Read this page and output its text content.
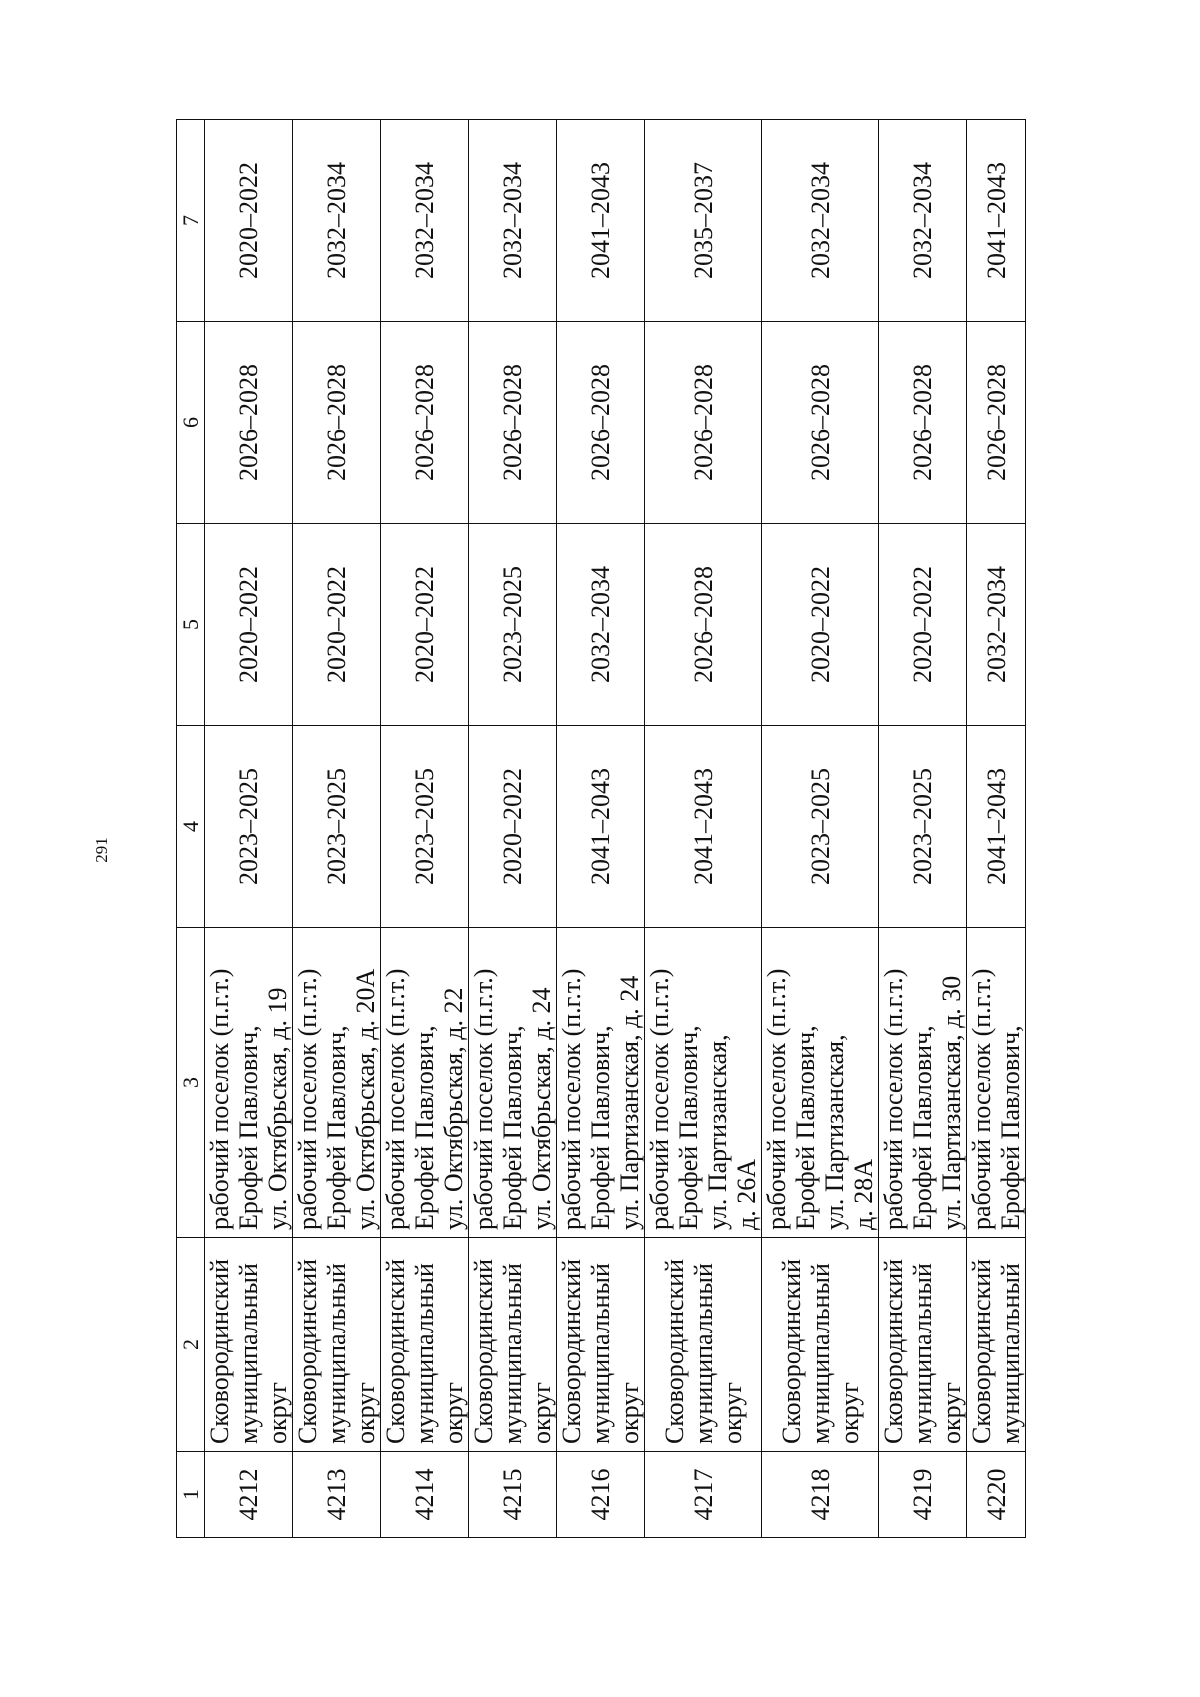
291
1	2	3	4	5	6	7
4212	Сковородинский муниципальный округ	рабочий поселок (п.г.т.) Ерофей Павлович, ул. Октябрьская, д. 19	2023–2025	2020–2022	2026–2028	2020–2022
4213	Сковородинский муниципальный округ	рабочий поселок (п.г.т.) Ерофей Павлович, ул. Октябрьская, д. 20А	2023–2025	2020–2022	2026–2028	2032–2034
4214	Сковородинский муниципальный округ	рабочий поселок (п.г.т.) Ерофей Павлович, ул. Октябрьская, д. 22	2023–2025	2020–2022	2026–2028	2032–2034
4215	Сковородинский муниципальный округ	рабочий поселок (п.г.т.) Ерофей Павлович, ул. Октябрьская, д. 24	2020–2022	2023–2025	2026–2028	2032–2034
4216	Сковородинский муниципальный округ	рабочий поселок (п.г.т.) Ерофей Павлович, ул. Партизанская, д. 24	2041–2043	2032–2034	2026–2028	2041–2043
4217	Сковородинский муниципальный округ	рабочий поселок (п.г.т.) Ерофей Павлович, ул. Партизанская, д. 26А	2041–2043	2026–2028	2026–2028	2035–2037
4218	Сковородинский муниципальный округ	рабочий поселок (п.г.т.) Ерофей Павлович, ул. Партизанская, д. 28А	2023–2025	2020–2022	2026–2028	2032–2034
4219	Сковородинский муниципальный округ	рабочий поселок (п.г.т.) Ерофей Павлович, ул. Партизанская, д. 30	2023–2025	2020–2022	2026–2028	2032–2034
4220	Сковородинский муниципальный	рабочий поселок (п.г.т.) Ерофей Павлович,	2041–2043	2032–2034	2026–2028	2041–2043
